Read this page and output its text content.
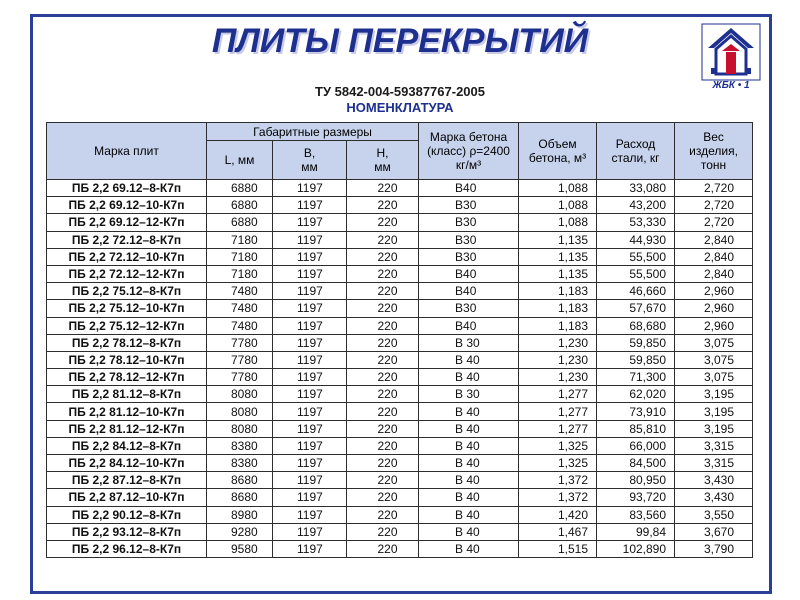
ПЛИТЫ ПЕРЕКРЫТИЙ
ЖБК • 1
ТУ 5842-004-59387767-2005
НОМЕНКЛАТУРА
Марка плит	Габаритные размеры			Марка бетона (класс) ρ=2400 кг/м³	Объем бетона, м³	Расход стали, кг	Вес изделия, тонн
	L, мм	B, мм	H, мм				
ПБ 2,2 69.12–8-К7п	6880	1197	220	В40	1,088	33,080	2,720
ПБ 2,2 69.12–10-К7п	6880	1197	220	В30	1,088	43,200	2,720
ПБ 2,2 69.12–12-К7п	6880	1197	220	В30	1,088	53,330	2,720
ПБ 2,2 72.12–8-К7п	7180	1197	220	В30	1,135	44,930	2,840
ПБ 2,2 72.12–10-К7п	7180	1197	220	В30	1,135	55,500	2,840
ПБ 2,2 72.12–12-К7п	7180	1197	220	В40	1,135	55,500	2,840
ПБ 2,2 75.12–8-К7п	7480	1197	220	В40	1,183	46,660	2,960
ПБ 2,2 75.12–10-К7п	7480	1197	220	В30	1,183	57,670	2,960
ПБ 2,2 75.12–12-К7п	7480	1197	220	В40	1,183	68,680	2,960
ПБ 2,2 78.12–8-К7п	7780	1197	220	В 30	1,230	59,850	3,075
ПБ 2,2 78.12–10-К7п	7780	1197	220	В 40	1,230	59,850	3,075
ПБ 2,2 78.12–12-К7п	7780	1197	220	В 40	1,230	71,300	3,075
ПБ 2,2 81.12–8-К7п	8080	1197	220	В 30	1,277	62,020	3,195
ПБ 2,2 81.12–10-К7п	8080	1197	220	В 40	1,277	73,910	3,195
ПБ 2,2 81.12–12-К7п	8080	1197	220	В 40	1,277	85,810	3,195
ПБ 2,2 84.12–8-К7п	8380	1197	220	В 40	1,325	66,000	3,315
ПБ 2,2 84.12–10-К7п	8380	1197	220	В 40	1,325	84,500	3,315
ПБ 2,2 87.12–8-К7п	8680	1197	220	В 40	1,372	80,950	3,430
ПБ 2,2 87.12–10-К7п	8680	1197	220	В 40	1,372	93,720	3,430
ПБ 2,2 90.12–8-К7п	8980	1197	220	В 40	1,420	83,560	3,550
ПБ 2,2 93.12–8-К7п	9280	1197	220	В 40	1,467	99,84	3,670
ПБ 2,2 96.12–8-К7п	9580	1197	220	В 40	1,515	102,890	3,790
